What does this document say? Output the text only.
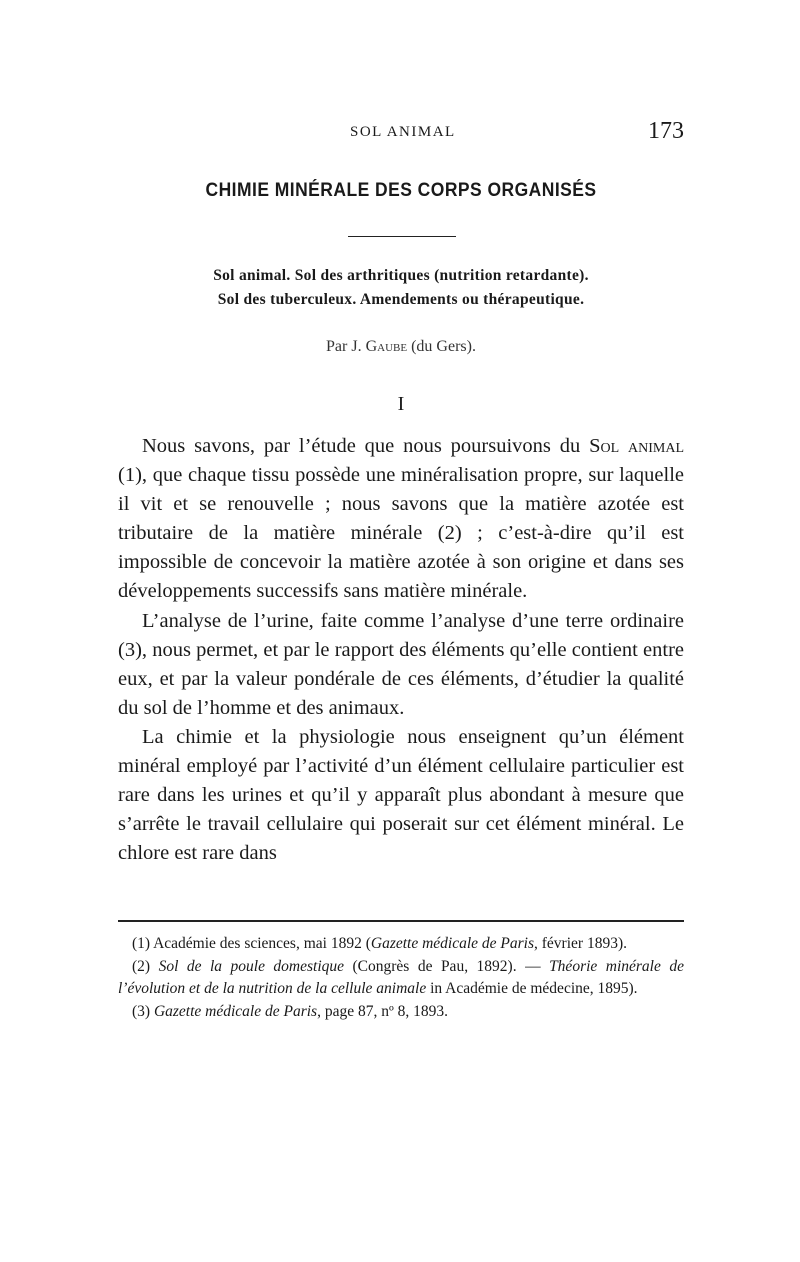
SOL ANIMAL	173
CHIMIE MINÉRALE DES CORPS ORGANISÉS
Sol animal. Sol des arthritiques (nutrition retardante).
Sol des tuberculeux. Amendements ou thérapeutique.
Par J. Gaube (du Gers).
I

Nous savons, par l’étude que nous poursuivons du Sol animal (1), que chaque tissu possède une minéralisation propre, sur laquelle il vit et se renouvelle ; nous savons que la matière azotée est tributaire de la matière minérale (2) ; c’est-à-dire qu’il est impossible de concevoir la matière azotée à son origine et dans ses développements successifs sans matière minérale.

L’analyse de l’urine, faite comme l’analyse d’une terre ordinaire (3), nous permet, et par le rapport des éléments qu’elle contient entre eux, et par la valeur pondérale de ces éléments, d’étudier la qualité du sol de l’homme et des animaux.

La chimie et la physiologie nous enseignent qu’un élément minéral employé par l’activité d’un élément cellulaire particulier est rare dans les urines et qu’il y apparaît plus abondant à mesure que s’arrête le travail cellulaire qui poserait sur cet élément minéral. Le chlore est rare dans

(1) Académie des sciences, mai 1892 (Gazette médicale de Paris, février 1893).

(2) Sol de la poule domestique (Congrès de Pau, 1892). — Théorie minérale de l’évolution et de la nutrition de la cellule animale in Académie de médecine, 1895).

(3) Gazette médicale de Paris, page 87, nº 8, 1893.
